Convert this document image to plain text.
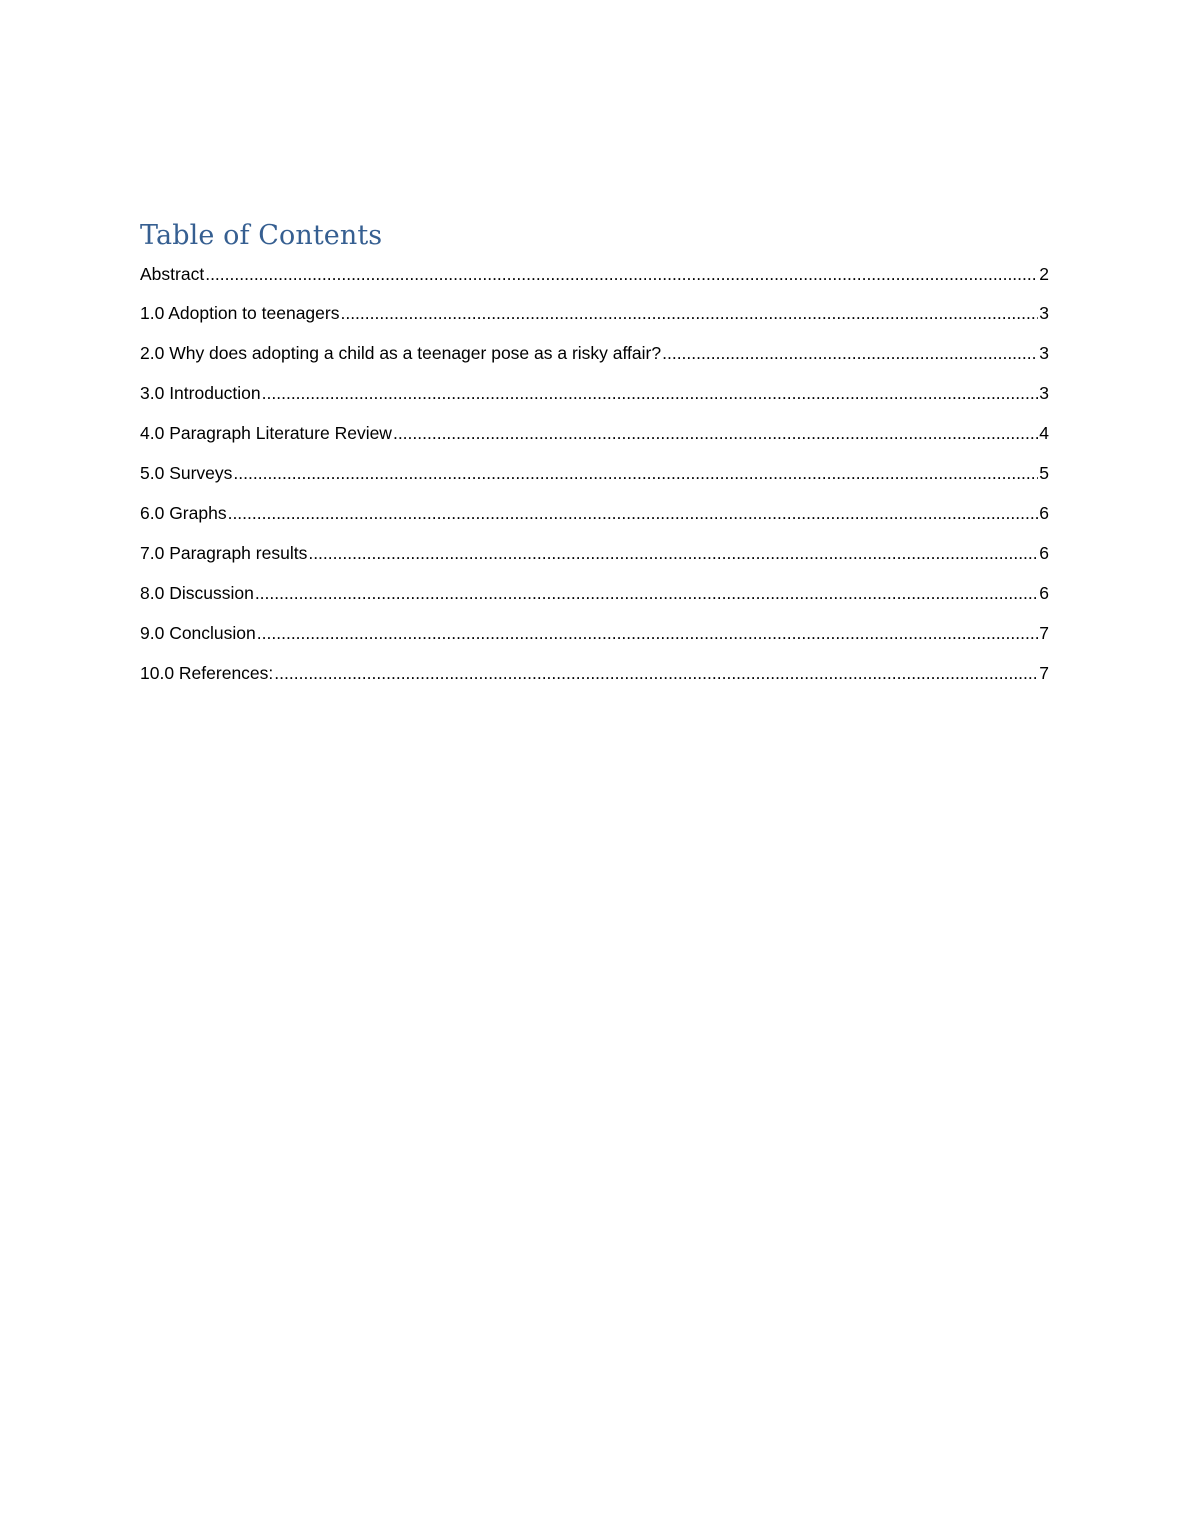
Table of Contents
Abstract .....	2
1.0 Adoption to teenagers .....	3
2.0 Why does adopting a child as a teenager pose as a risky affair? .....	3
3.0 Introduction .....	3
4.0 Paragraph Literature Review .....	4
5.0 Surveys .....	5
6.0 Graphs .....	6
7.0 Paragraph results .....	6
8.0 Discussion .....	6
9.0 Conclusion .....	7
10.0 References: .....	7
